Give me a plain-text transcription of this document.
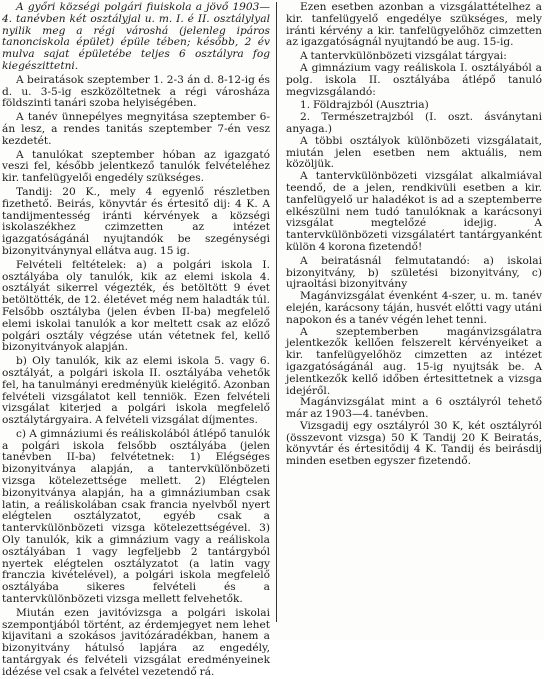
A győri községi polgári fiuiskola a jövő 1903—4. tanévben két osztályjal u. m. I. é II. osztálylyal nyilik meg a régi városhá (jelenleg ipáros tanonciskola épület) épüle tében; később, 2 év mulva sajat épületébe teljes 6 osztályra fog kiegészittetni.

A beiratások szeptember 1. 2-3 án d. 8-12-ig és d. u. 3-5-ig eszközöltetnek a régi városháza földszinti tanári szoba helyiségében.

A tanév ünnepélyes megnyitása szeptember 6-án lesz, a rendes tanitás szeptember 7-én vesz kezdetét.

A tanulókat szeptember hóban az igazgató veszi fel, később jelentkező tanulók felvételéhez kir. tanfelügyelői engedély szükséges.

Tandij: 20 K., mely 4 egyenlő részletben fizethető. Beirás, könyvtár és értesitő dij: 4 K. A tandijmentesség iránti kérvények a községi iskolaszékhez czimzetten az intézet igazgatóságánál nyujtandók be szegénységi bizonyitványnyal ellátva aug. 15 ig.

Felvételi feltételek: a) a polgári iskola I. osztályába oly tanulók, kik az elemi iskola 4. osztályát sikerrel végezték, és betöltött 9 évet betöltötték, de 12. életévet még nem haladták túl. Felsőbb osztályba (jelen évben II-ba) megfelelő elemi iskolai tanulók a kor meltett csak az előző polgári osztály végzése után vétetnek fel, kellő bizonyitványok alapján.

b) Oly tanulók, kik az elemi iskola 5. vagy 6. osztályát, a polgári iskola II. osztályába vehetők fel, ha tanulmányi eredményük kielégitő. Azonban felvételi vizsgálatot kell tenniök. Ezen felvételi vizsgálat kiterjed a polgári iskola megfelelő osztálytárgyaira. A felvételi vizsgálat díjmentes.

c) A gimnáziumi és reáliskolából átlépő tanulók a polgári iskola felsőbb osztályába (jelen tanévben II-ba) felvétetnek: 1) Elégséges bizonyitványa alapján, a tantervkülönbözeti vizsga kötelezettsége mellett. 2) Elégtelen bizonyitványa alapján, ha a gimnáziumban csak latin, a reáliskolában csak francia nyelvből nyert elégtelen osztályzatot, egyéb csak a tantervkülönbözeti vizsga kötelezettségével. 3) Oly tanulók, kik a gimnázium vagy a reáliskola osztályában 1 vagy legfeljebb 2 tantárgyból nyertek elégtelen osztályzatot (a latin vagy franczia kivételével), a polgári iskola megfelelő osztályába sikeres felvételi és a tantervkülönbözeti vizsga mellett felvehetők.

Miután ezen javitóvizsga a polgári iskolai szempontjából történt, az érdemjegyet nem lehet kijavitani a szokásos javitózáradékban, hanem a bizonyitvány hátulsó lapjára az engedély, tantárgyak és felvételi vizsgálat eredményeinek idézése vel csak a felvétel vezetendő rá.

Ezen esetben azonban a vizsgálattételhez a kir. tanfelügyelő engedélye szükséges, mely iránti kérvény a kir. tanfelügyelőhöz cimzetten az igazgatóságnál nyujtandó be aug. 15-ig.

A tantervkülönbözeti vizsgálat tárgyai:

A gimnázium vagy reáliskola I. osztályából a polg. iskola II. osztályába átlépő tanuló megvizsgálandó:

1. Földrajzból (Ausztria)

2. Természetrajzból (I. oszt. ásványtani anyaga.)

A többi osztályok különbözeti vizsgálatait, miután jelen esetben nem aktuális, nem közöljük.

A tantervkülönbözeti vizsgálat alkalmiával teendő, de a jelen, rendkivüli esetben a kir. tanfelügyelő ur haladékot is ad a szeptemberre elkészülni nem tudó tanulóknak a karácsonyi vizsgálat megtelőzé idejig. A tantervkülönbözeti vizsgálatért tantárgyanként külön 4 korona fizetendő!

A beiratásnál felmutatandó: a) iskolai bizonyitvány, b) születési bizonyitvány, c) ujraoltási bizonyitvány

Magánvizsgálat évenként 4-szer, u. m. tanév elején, karácsony táján, husvét előtti vagy utáni napokon és a tanév végén lehet tenni.

A szeptemberben magánvizsgálatra jelentkezők kellően felszerelt kérvényeiket a kir. tanfelügyelőhöz cimzetten az intézet igazgatóságánál aug. 15-ig nyujtsák be. A jelentkezők kellő időben értesittetnek a vizsga idejéről.

Magánvizsgálat mint a 6 osztályról tehető már az 1903—4. tanévben.

Vizsgadij egy osztályról 30 K, két osztályról (összevont vizsga) 50 K Tandij 20 K Beiratás, könyvtár és értesitődij 4 K. Tandij és beirásdij minden esetben egyszer fizetendő.
